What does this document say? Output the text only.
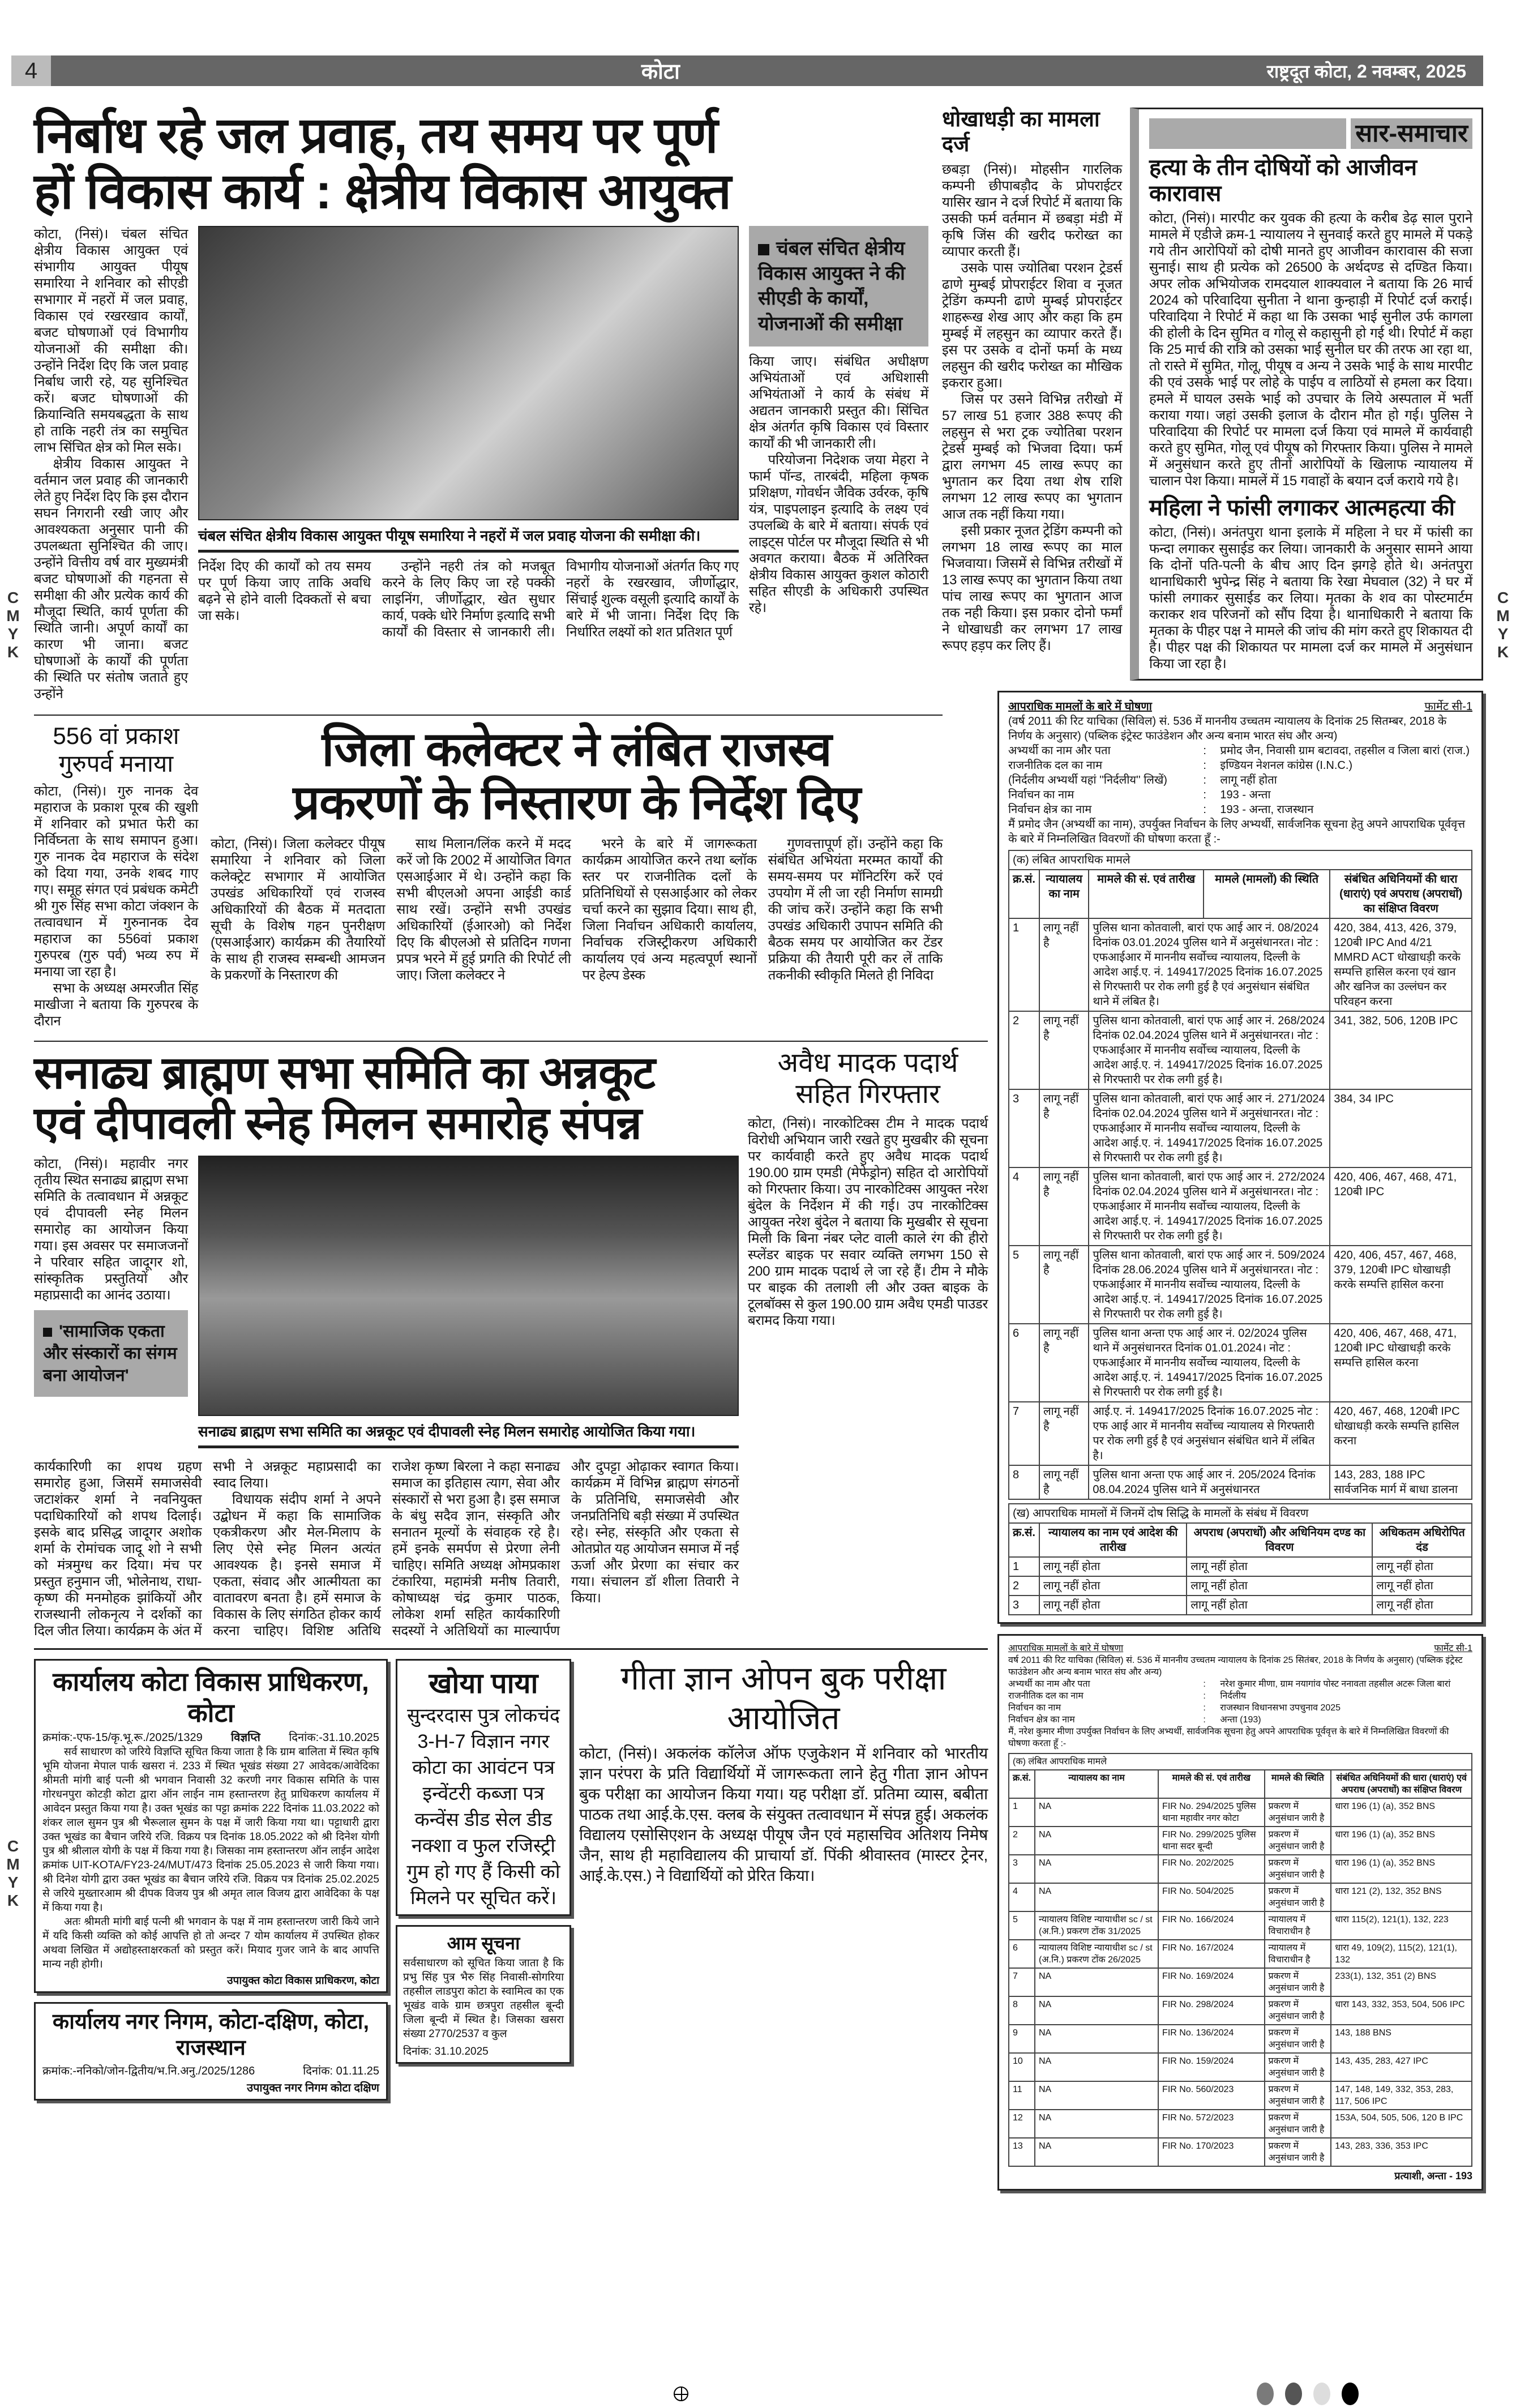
C
M
Y
K
C
M
Y
K
C
M
Y
K
4	कोटा	राष्ट्रदूत कोटा, 2 नवम्बर, 2025
निर्बाध रहे जल प्रवाह, तय समय पर पूर्ण
हों विकास कार्य : क्षेत्रीय विकास आयुक्त

कोटा, (निसं)। चंबल संचित क्षेत्रीय विकास आयुक्त एवं संभागीय आयुक्त पीयूष समारिया ने शनिवार को सीएडी सभागार में नहरों में जल प्रवाह, विकास एवं रखरखाव कार्यों, बजट घोषणाओं एवं विभागीय योजनाओं की समीक्षा की। उन्होंने निर्देश दिए कि जल प्रवाह निर्बाध जारी रहे, यह सुनिश्चित करें। बजट घोषणाओं की क्रियान्विति समयबद्धता के साथ हो ताकि नहरी तंत्र का समुचित लाभ सिंचित क्षेत्र को मिल सके।

क्षेत्रीय विकास आयुक्त ने वर्तमान जल प्रवाह की जानकारी लेते हुए निर्देश दिए कि इस दौरान सघन निगरानी रखी जाए और आवश्यकता अनुसार पानी की उपलब्धता सुनिश्चित की जाए। उन्होंने वित्तीय वर्ष वार मुख्यमंत्री बजट घोषणाओं की गहनता से समीक्षा की और प्रत्येक कार्य की मौजूदा स्थिति, कार्य पूर्णता की स्थिति जानी। अपूर्ण कार्यों का कारण भी जाना। बजट घोषणाओं के कार्यों की पूर्णता की स्थिति पर संतोष जताते हुए उन्होंने

चंबल संचित क्षेत्रीय विकास आयुक्त पीयूष समारिया ने नहरों में जल प्रवाह योजना की समीक्षा की।

निर्देश दिए की कार्यों को तय समय पर पूर्ण किया जाए ताकि अवधि बढ़ने से होने वाली दिक्कतों से बचा जा सके।

उन्होंने नहरी तंत्र को मजबूत करने के लिए किए जा रहे पक्की लाइनिंग, जीर्णोद्धार, खेत सुधार कार्य, पक्के धोरे निर्माण इत्यादि सभी कार्यों की विस्तार से जानकारी ली। विभागीय योजनाओं अंतर्गत किए गए नहरों के रखरखाव, जीर्णोद्धार, सिंचाई शुल्क वसूली इत्यादि कार्यों के बारे में भी जाना। निर्देश दिए कि निर्धारित लक्ष्यों को शत प्रतिशत पूर्ण

चंबल संचित क्षेत्रीय विकास आयुक्त ने की सीएडी के कार्यों, योजनाओं की समीक्षा

किया जाए। संबंधित अधीक्षण अभियंताओं एवं अधिशासी अभियंताओं ने कार्य के संबंध में अद्यतन जानकारी प्रस्तुत की। सिंचित क्षेत्र अंतर्गत कृषि विकास एवं विस्तार कार्यों की भी जानकारी ली।

परियोजना निदेशक जया मेहरा ने फार्म पॉन्ड, तारबंदी, महिला कृषक प्रशिक्षण, गोवर्धन जैविक उर्वरक, कृषि यंत्र, पाइपलाइन इत्यादि के लक्ष्य एवं उपलब्धि के बारे में बताया। संपर्क एवं लाइट्स पोर्टल पर मौजूदा स्थिति से भी अवगत कराया। बैठक में अतिरिक्त क्षेत्रीय विकास आयुक्त कुशल कोठारी सहित सीएडी के अधिकारी उपस्थित रहे।

556 वां प्रकाश
गुरुपर्व मनाया

कोटा, (निसं)। गुरु नानक देव महाराज के प्रकाश पूरब की खुशी में शनिवार को प्रभात फेरी का निर्विघ्नता के साथ समापन हुआ। गुरु नानक देव महाराज के संदेश को दिया गया, उनके शबद गाए गए। समूह संगत एवं प्रबंधक कमेटी श्री गुरु सिंह सभा कोटा जंक्शन के तत्वावधान में गुरुनानक देव महाराज का 556वां प्रकाश गुरुपरब (गुरु पर्व) भव्य रुप में मनाया जा रहा है।

सभा के अध्यक्ष अमरजीत सिंह माखीजा ने बताया कि गुरुपरब के दौरान

जिला कलेक्टर ने लंबित राजस्व
प्रकरणों के निस्तारण के निर्देश दिए

कोटा, (निसं)। जिला कलेक्टर पीयूष समारिया ने शनिवार को जिला कलेक्ट्रेट सभागार में आयोजित उपखंड अधिकारियों एवं राजस्व अधिकारियों की बैठक में मतदाता सूची के विशेष गहन पुनरीक्षण (एसआईआर) कार्यक्रम की तैयारियों के साथ ही राजस्व सम्बन्धी आमजन के प्रकरणों के निस्तारण की

साथ मिलान/लिंक करने में मदद करें जो कि 2002 में आयोजित विगत एसआईआर में थे। उन्होंने कहा कि सभी बीएलओ अपना आईडी कार्ड साथ रखें। उन्होंने सभी उपखंड अधिकारियों (ईआरओ) को निर्देश दिए कि बीएलओ से प्रतिदिन गणना प्रपत्र भरने में हुई प्रगति की रिपोर्ट ली जाए। जिला कलेक्टर ने

भरने के बारे में जागरूकता कार्यक्रम आयोजित करने तथा ब्लॉक स्तर पर राजनीतिक दलों के प्रतिनिधियों से एसआईआर को लेकर चर्चा करने का सुझाव दिया। साथ ही, जिला निर्वाचन अधिकारी कार्यालय, निर्वाचक रजिस्ट्रीकरण अधिकारी कार्यालय एवं अन्य महत्वपूर्ण स्थानों पर हेल्प डेस्क

गुणवत्तापूर्ण हों। उन्होंने कहा कि संबंधित अभियंता मरम्मत कार्यों की समय-समय पर मॉनिटरिंग करें एवं उपयोग में ली जा रही निर्माण सामग्री की जांच करें। उन्होंने कहा कि सभी उपखंड अधिकारी उपापन समिति की बैठक समय पर आयोजित कर टेंडर प्रक्रिया की तैयारी पूरी कर लें ताकि तकनीकी स्वीकृति मिलते ही निविदा

सनाढ्य ब्राह्मण सभा समिति का अन्नकूट
एवं दीपावली स्नेह मिलन समारोह संपन्न
कोटा, (निसं)। महावीर नगर तृतीय स्थित सनाढ्य ब्राह्मण सभा समिति के तत्वावधान में अन्नकूट एवं दीपावली स्नेह मिलन समारोह का आयोजन किया गया। इस अवसर पर समाजजनों ने परिवार सहित जादूगर शो, सांस्कृतिक प्रस्तुतियों और महाप्रसादी का आनंद उठाया।
'सामाजिक एकता और संस्कारों का संगम बना आयोजन'
सनाढ्य ब्राह्मण सभा समिति का अन्नकूट एवं दीपावली स्नेह मिलन समारोह आयोजित किया गया।

कार्यकारिणी का शपथ ग्रहण समारोह हुआ, जिसमें समाजसेवी जटाशंकर शर्मा ने नवनियुक्त पदाधिकारियों को शपथ दिलाई। इसके बाद प्रसिद्ध जादूगर अशोक शर्मा के रोमांचक जादू शो ने सभी को मंत्रमुग्ध कर दिया। मंच पर प्रस्तुत हनुमान जी, भोलेनाथ, राधा-कृष्ण की मनमोहक झांकियों और राजस्थानी लोकनृत्य ने दर्शकों का दिल जीत लिया। कार्यक्रम के अंत में सभी ने अन्नकूट महाप्रसादी का स्वाद लिया।

विधायक संदीप शर्मा ने अपने उद्बोधन में कहा कि सामाजिक एकत्रीकरण और मेल-मिलाप के लिए ऐसे स्नेह मिलन अत्यंत आवश्यक है। इनसे समाज में एकता, संवाद और आत्मीयता का वातावरण बनता है। हमें समाज के विकास के लिए संगठित होकर कार्य करना चाहिए। विशिष्ट अतिथि राजेश कृष्ण बिरला ने कहा सनाढ्य समाज का इतिहास त्याग, सेवा और संस्कारों से भरा हुआ है। इस समाज के बंधु सदैव ज्ञान, संस्कृति और सनातन मूल्यों के संवाहक रहे है। हमें इनके समर्पण से प्रेरणा लेनी चाहिए। समिति अध्यक्ष ओमप्रकाश टंकारिया, महामंत्री मनीष तिवारी, कोषाध्यक्ष चंद्र कुमार पाठक, लोकेश शर्मा सहित कार्यकारिणी सदस्यों ने अतिथियों का माल्यार्पण और दुपट्टा ओढ़ाकर स्वागत किया। कार्यक्रम में विभिन्न ब्राह्मण संगठनों के प्रतिनिधि, समाजसेवी और जनप्रतिनिधि बड़ी संख्या में उपस्थित रहे। स्नेह, संस्कृति और एकता से ओतप्रोत यह आयोजन समाज में नई ऊर्जा और प्रेरणा का संचार कर गया। संचालन डॉ शीला तिवारी ने किया।

अवैध मादक पदार्थ
सहित गिरफ्तार
कोटा, (निसं)। नारकोटिक्स टीम ने मादक पदार्थ विरोधी अभियान जारी रखते हुए मुखबीर की सूचना पर कार्यवाही करते हुए अवैध मादक पदार्थ 190.00 ग्राम एमडी (मेफेड्रोन) सहित दो आरोपियों को गिरफ्तार किया। उप नारकोटिक्स आयुक्त नरेश बुंदेल के निर्देशन में की गई। उप नारकोटिक्स आयुक्त नरेश बुंदेल ने बताया कि मुखबीर से सूचना मिली कि बिना नंबर प्लेट वाली काले रंग की हीरो स्प्लेंडर बाइक पर सवार व्यक्ति लगभग 150 से 200 ग्राम मादक पदार्थ ले जा रहे हैं। टीम ने मौके पर बाइक की तलाशी ली और उक्त बाइक के टूलबॉक्स से कुल 190.00 ग्राम अवैध एमडी पाउडर बरामद किया गया।
कार्यालय कोटा विकास प्राधिकरण, कोटा
क्रमांक:-एफ-15/कृ.भू.रू./2025/1329	विज्ञप्ति	दिनांक:-31.10.2025

सर्व साधारण को जरिये विज्ञप्ति सूचित किया जाता है कि ग्राम बालिता में स्थित कृषि भूमि योजना मेपाल पार्क खसरा नं. 233 में स्थित भूखंड संख्या 27 आवेदक/आवेदिका श्रीमती मांगी बाई पत्नी श्री भगवान निवासी 32 करणी नगर विकास समिति के पास गोरधनपुरा कोटड़ी कोटा द्वारा ऑन लाईन नाम हस्तान्तरण हेतु प्राधिकरण कार्यालय में आवेदन प्रस्तुत किया गया है। उक्त भूखंड का पट्टा क्रमांक 222 दिनांक 11.03.2022 को शंकर लाल सुमन पुत्र श्री भैरूलाल सुमन के पक्ष में जारी किया गया था। पट्टाधारी द्वारा उक्त भूखंड का बैचान जरिये रजि. विक्रय पत्र दिनांक 18.05.2022 को श्री दिनेश योगी पुत्र श्री श्रीलाल योगी के पक्ष में किया गया है। जिसका नाम हस्तान्तरण ऑन लाईन आदेश क्रमांक UIT-KOTA/FY23-24/MUT/473 दिनांक 25.05.2023 से जारी किया गया। श्री दिनेश योगी द्वारा उक्त भूखंड का बैचान जरिये रजि. विक्रय पत्र दिनांक 25.02.2025 से जरिये मुख्तारआम श्री दीपक विजय पुत्र श्री अमृत लाल विजय द्वारा आवेदिका के पक्ष में किया गया है।

अतः श्रीमती मांगी बाई पत्नी श्री भगवान के पक्ष में नाम हस्तान्तरण जारी किये जाने में यदि किसी व्यक्ति को कोई आपत्ति हो तो अन्दर 7 योम कार्यालय में उपस्थित होकर अथवा लिखित में अद्योहस्ताक्षरकर्ता को प्रस्तुत करें। मियाद गुजर जाने के बाद आपत्ति मान्य नही होगी।

उपायुक्त कोटा विकास प्राधिकरण, कोटा
कार्यालय नगर निगम, कोटा-दक्षिण, कोटा, राजस्थान
क्रमांक:-ननिको/जोन-द्वितीय/भ.नि.अनु./2025/1286	दिनांक: 01.11.25
उपायुक्त नगर निगम कोटा दक्षिण
खोया पाया
सुन्दरदास पुत्र लोकचंद 3-H-7 विज्ञान नगर कोटा का आवंटन पत्र इन्वेंटरी कब्जा पत्र कन्वेंस डीड सेल डीड नक्शा व फुल रजिस्ट्री गुम हो गए हैं किसी को मिलने पर सूचित करें।
आम सूचना
सर्वसाधारण को सूचित किया जाता है कि प्रभु सिंह पुत्र भैरु सिंह निवासी-सोगरिया तहसील लाडपुरा कोटा के स्वामित्व का एक भूखंड वाके ग्राम छत्रपुरा तहसील बून्दी जिला बून्दी में स्थित है। जिसका खसरा संख्या 2770/2537 व कुल
दिनांक: 31.10.2025
गीता ज्ञान ओपन बुक परीक्षा आयोजित
कोटा, (निसं)। अकलंक कॉलेज ऑफ एजुकेशन में शनिवार को भारतीय ज्ञान परंपरा के प्रति विद्यार्थियों में जागरूकता लाने हेतु गीता ज्ञान ओपन बुक परीक्षा का आयोजन किया गया। यह परीक्षा डॉ. प्रतिमा व्यास, बबीता पाठक तथा आई.के.एस. क्लब के संयुक्त तत्वावधान में संपन्न हुई। अकलंक विद्यालय एसोसिएशन के अध्यक्ष पीयूष जैन एवं महासचिव अतिशय निमेष जैन, साथ ही महाविद्यालय की प्राचार्या डॉ. पिंकी श्रीवास्तव (मास्टर ट्रेनर, आई.के.एस.) ने विद्यार्थियों को प्रेरित किया।
धोखाधड़ी का मामला दर्ज

छबड़ा (निसं)। मोहसीन गारलिक कम्पनी छीपाबड़ौद के प्रोपराईटर यासिर खान ने दर्ज रिपोर्ट में बताया कि उसकी फर्म वर्तमान में छबड़ा मंडी में कृषि जिंस की खरीद फरोख्त का व्यापार करती हैं।

उसके पास ज्योतिबा परशन ट्रेडर्स ढाणे मुम्बई प्रोपराईटर शिवा व नूजत ट्रेडिंग कम्पनी ढाणे मुम्बई प्रोपराईटर शाहरूख शेख आए और कहा कि हम मुम्बई में लहसुन का व्यापार करते हैं। इस पर उसके व दोनों फर्मा के मध्य लहसुन की खरीद फरोख्त का मौखिक इकरार हुआ।

जिस पर उसने विभिन्न तरीखो में 57 लाख 51 हजार 388 रूपए की लहसुन से भरा ट्रक ज्योतिबा परशन ट्रेडर्स मुम्बई को भिजवा दिया। फर्म द्वारा लगभग 45 लाख रूपए का भुगतान कर दिया तथा शेष राशि लगभग 12 लाख रूपए का भुगतान आज तक नहीं किया गया।

इसी प्रकार नूजत ट्रेडिंग कम्पनी को लगभग 18 लाख रूपए का माल भिजवाया। जिसमें से विभिन्न तरीखों में 13 लाख रूपए का भुगतान किया तथा पांच लाख रूपए का भुगतान आज तक नही किया। इस प्रकार दोनो फर्मां ने धोखाधडी कर लगभग 17 लाख रूपए हड़प कर लिए हैं।

सार-समाचार
हत्या के तीन दोषियों को आजीवन कारावास
कोटा, (निसं)। मारपीट कर युवक की हत्या के करीब डेढ़ साल पुराने मामले में एडीजे क्रम-1 न्यायालय ने सुनवाई करते हुए मामले में पकड़े गये तीन आरोपियों को दोषी मानते हुए आजीवन कारावास की सजा सुनाई। साथ ही प्रत्येक को 26500 के अर्थदण्ड से दण्डित किया। अपर लोक अभियोजक रामदयाल शाक्यवाल ने बताया कि 26 मार्च 2024 को परिवादिया सुनीता ने थाना कुन्हाड़ी में रिपोर्ट दर्ज कराई। परिवादिया ने रिपोर्ट में कहा था कि उसका भाई सुनील उर्फ कागला की होली के दिन सुमित व गोलू से कहासुनी हो गई थी। रिपोर्ट में कहा कि 25 मार्च की रात्रि को उसका भाई सुनील घर की तरफ आ रहा था, तो रास्ते में सुमित, गोलू, पीयूष व अन्य ने उसके भाई के साथ मारपीट की एवं उसके भाई पर लोहे के पाईप व लाठियों से हमला कर दिया। हमले में घायल उसके भाई को उपचार के लिये अस्पताल में भर्ती कराया गया। जहां उसकी इलाज के दौरान मौत हो गई। पुलिस ने परिवादिया की रिपोर्ट पर मामला दर्ज किया एवं मामले में कार्यवाही करते हुए सुमित, गोलू एवं पीयूष को गिरफ्तार किया। पुलिस ने मामले में अनुसंधान करते हुए तीनों आरोपियों के खिलाफ न्यायालय में चालान पेश किया। मामलें में 15 गवाहों के बयान दर्ज कराये गये है।
महिला ने फांसी लगाकर आत्महत्या की
कोटा, (निसं)। अनंतपुरा थाना इलाके में महिला ने घर में फांसी का फन्दा लगाकर सुसाईड कर लिया। जानकारी के अनुसार सामने आया कि दोनों पति-पत्नी के बीच आए दिन झगड़े होते थे। अनंतपुरा थानाधिकारी भुपेन्द्र सिंह ने बताया कि रेखा मेघवाल (32) ने घर में फांसी लगाकर सुसाईड कर लिया। मृतका के शव का पोस्टमार्टम कराकर शव परिजनों को सौंप दिया है। थानाधिकारी ने बताया कि मृतका के पीहर पक्ष ने मामले की जांच की मांग करते हुए शिकायत दी है। पीहर पक्ष की शिकायत पर मामला दर्ज कर मामले में अनुसंधान किया जा रहा है।
आपराधिक मामलों के बारे में घोषणा	फार्मेट सी-1
(वर्ष 2011 की रिट याचिका (सिविल) सं. 536 में माननीय उच्चतम न्यायालय के दिनांक 25 सितम्बर, 2018 के निर्णय के अनुसार) (पब्लिक इंट्रेस्ट फाउंडेशन और अन्य बनाम भारत संघ और अन्य)
अभ्यर्थी का नाम और पता	:	प्रमोद जैन, निवासी ग्राम बटावदा, तहसील व जिला बारां (राज.)
राजनीतिक दल का नाम	:	इण्डियन नेशनल कांग्रेस (I.N.C.)
(निर्दलीय अभ्यर्थी यहां ''निर्दलीय'' लिखें)	:	लागू नहीं होता
निर्वाचन का नाम	:	193 - अन्ता
निर्वाचन क्षेत्र का नाम	:	193 - अन्ता, राजस्थान
मैं प्रमोद जैन (अभ्यर्थी का नाम), उपर्युक्त निर्वाचन के लिए अभ्यर्थी, सार्वजनिक सूचना हेतु अपने आपराधिक पूर्ववृत्त के बारे में निम्नलिखित विवरणों की घोषणा करता हूँ :-
(क) लंबित आपराधिक मामले				
क्र.सं.	न्यायालय का नाम	मामले की सं. एवं तारीख	मामले (मामलों) की स्थिति	संबंधित अधिनियमों की धारा (धाराएं) एवं अपराध (अपराधों) का संक्षिप्त विवरण
1	लागू नहीं है	पुलिस थाना कोतवाली, बारां एफ आई आर नं. 08/2024 दिनांक 03.01.2024 पुलिस थाने में अनुसंधानरत। नोट : एफआईआर में माननीय सर्वोच्च न्यायालय, दिल्ली के आदेश आई.ए. नं. 149417/2025 दिनांक 16.07.2025 से गिरफ्तारी पर रोक लगी हुई है एवं अनुसंधान संबंधित थाने में लंबित है।		420, 384, 413, 426, 379, 120बी IPC And 4/21 MMRD ACT धोखाधड़ी करके सम्पत्ति हासिल करना एवं खान और खनिज का उल्लंघन कर परिवहन करना
2	लागू नहीं है	पुलिस थाना कोतवाली, बारां एफ आई आर नं. 268/2024 दिनांक 02.04.2024 पुलिस थाने में अनुसंधानरत। नोट : एफआईआर में माननीय सर्वोच्च न्यायालय, दिल्ली के आदेश आई.ए. नं. 149417/2025 दिनांक 16.07.2025 से गिरफ्तारी पर रोक लगी हुई है।		341, 382, 506, 120B IPC
3	लागू नहीं है	पुलिस थाना कोतवाली, बारां एफ आई आर नं. 271/2024 दिनांक 02.04.2024 पुलिस थाने में अनुसंधानरत। नोट : एफआईआर में माननीय सर्वोच्च न्यायालय, दिल्ली के आदेश आई.ए. नं. 149417/2025 दिनांक 16.07.2025 से गिरफ्तारी पर रोक लगी हुई है।		384, 34 IPC
4	लागू नहीं है	पुलिस थाना कोतवाली, बारां एफ आई आर नं. 272/2024 दिनांक 02.04.2024 पुलिस थाने में अनुसंधानरत। नोट : एफआईआर में माननीय सर्वोच्च न्यायालय, दिल्ली के आदेश आई.ए. नं. 149417/2025 दिनांक 16.07.2025 से गिरफ्तारी पर रोक लगी हुई है।		420, 406, 467, 468, 471, 120बी IPC
5	लागू नहीं है	पुलिस थाना कोतवाली, बारां एफ आई आर नं. 509/2024 दिनांक 28.06.2024 पुलिस थाने में अनुसंधानरत। नोट : एफआईआर में माननीय सर्वोच्च न्यायालय, दिल्ली के आदेश आई.ए. नं. 149417/2025 दिनांक 16.07.2025 से गिरफ्तारी पर रोक लगी हुई है।		420, 406, 457, 467, 468, 379, 120बी IPC धोखाधड़ी करके सम्पत्ति हासिल करना
6	लागू नहीं है	पुलिस थाना अन्ता एफ आई आर नं. 02/2024 पुलिस थाने में अनुसंधानरत दिनांक 01.01.2024। नोट : एफआईआर में माननीय सर्वोच्च न्यायालय, दिल्ली के आदेश आई.ए. नं. 149417/2025 दिनांक 16.07.2025 से गिरफ्तारी पर रोक लगी हुई है।		420, 406, 467, 468, 471, 120बी IPC धोखाधड़ी करके सम्पत्ति हासिल करना
7	लागू नहीं है	आई.ए. नं. 149417/2025 दिनांक 16.07.2025 नोट : एफ आई आर में माननीय सर्वोच्च न्यायालय से गिरफ्तारी पर रोक लगी हुई है एवं अनुसंधान संबंधित थाने में लंबित है।		420, 467, 468, 120बी IPC धोखाधड़ी करके सम्पत्ति हासिल करना
8	लागू नहीं है	पुलिस थाना अन्ता एफ आई आर नं. 205/2024 दिनांक 08.04.2024 पुलिस थाने में अनुसंधानरत		143, 283, 188 IPC सार्वजनिक मार्ग में बाधा डालना
(ख) आपराधिक मामलों में जिनमें दोष सिद्धि के मामलों के संबंध में विवरण			
क्र.सं.	न्यायालय का नाम एवं आदेश की तारीख	अपराध (अपराधों) और अधिनियम दण्ड का विवरण	अधिकतम अधिरोपित दंड
1	लागू नहीं होता	लागू नहीं होता	लागू नहीं होता
2	लागू नहीं होता	लागू नहीं होता	लागू नहीं होता
3	लागू नहीं होता	लागू नहीं होता	लागू नहीं होता
आपराधिक मामलों के बारे में घोषणा	फार्मेट सी-1
वर्ष 2011 की रिट याचिका (सिविल) सं. 536 में माननीय उच्चतम न्यायालय के दिनांक 25 सितंबर, 2018 के निर्णय के अनुसार) (पब्लिक इंट्रेस्ट फाउंडेशन और अन्य बनाम भारत संघ और अन्य)
अभ्यर्थी का नाम और पता	:	नरेश कुमार मीणा, ग्राम नयागांव पोस्ट ननावता तहसील अटरू जिला बारां
राजनीतिक दल का नाम	:	निर्दलीय
निर्वाचन का नाम	:	राजस्थान विधानसभा उपचुनाव 2025
निर्वाचन क्षेत्र का नाम	:	अन्ता (193)
मैं, नरेश कुमार मीणा उपर्युक्त निर्वाचन के लिए अभ्यर्थी, सार्वजनिक सूचना हेतु अपने आपराधिक पूर्ववृत्त के बारे में निम्नलिखित विवरणों की घोषणा करता हूँ :-
(क) लंबित आपराधिक मामले				
क्र.सं.	न्यायालय का नाम	मामले की सं. एवं तारीख	मामले की स्थिति	संबंधित अधिनियमों की धारा (धाराएं) एवं अपराध (अपराधों) का संक्षिप्त विवरण
1	NA	FIR No. 294/2025 पुलिस थाना महावीर नगर कोटा	प्रकरण में अनुसंधान जारी है	धारा 196 (1) (a), 352 BNS
2	NA	FIR No. 299/2025 पुलिस थाना सदर बून्दी	प्रकरण में अनुसंधान जारी है	धारा 196 (1) (a), 352 BNS
3	NA	FIR No. 202/2025	प्रकरण में अनुसंधान जारी है	धारा 196 (1) (a), 352 BNS
4	NA	FIR No. 504/2025	प्रकरण में अनुसंधान जारी है	धारा 121 (2), 132, 352 BNS
5	न्यायालय विशिष्ट न्यायाधीश sc / st (अ.नि.) प्रकरण टोंक 31/2025	FIR No. 166/2024	न्यायालय में विचाराधीन है	धारा 115(2), 121(1), 132, 223
6	न्यायालय विशिष्ट न्यायाधीश sc / st (अ.नि.) प्रकरण टोंक 26/2025	FIR No. 167/2024	न्यायालय में विचाराधीन है	धारा 49, 109(2), 115(2), 121(1), 132
7	NA	FIR No. 169/2024	प्रकरण में अनुसंधान जारी है	233(1), 132, 351 (2) BNS
8	NA	FIR No. 298/2024	प्रकरण में अनुसंधान जारी है	धारा 143, 332, 353, 504, 506 IPC
9	NA	FIR No. 136/2024	प्रकरण में अनुसंधान जारी है	143, 188 BNS
10	NA	FIR No. 159/2024	प्रकरण में अनुसंधान जारी है	143, 435, 283, 427 IPC
11	NA	FIR No. 560/2023	प्रकरण में अनुसंधान जारी है	147, 148, 149, 332, 353, 283, 117, 506 IPC
12	NA	FIR No. 572/2023	प्रकरण में अनुसंधान जारी है	153A, 504, 505, 506, 120 B IPC
13	NA	FIR No. 170/2023	प्रकरण में अनुसंधान जारी है	143, 283, 336, 353 IPC
प्रत्याशी, अन्ता - 193
